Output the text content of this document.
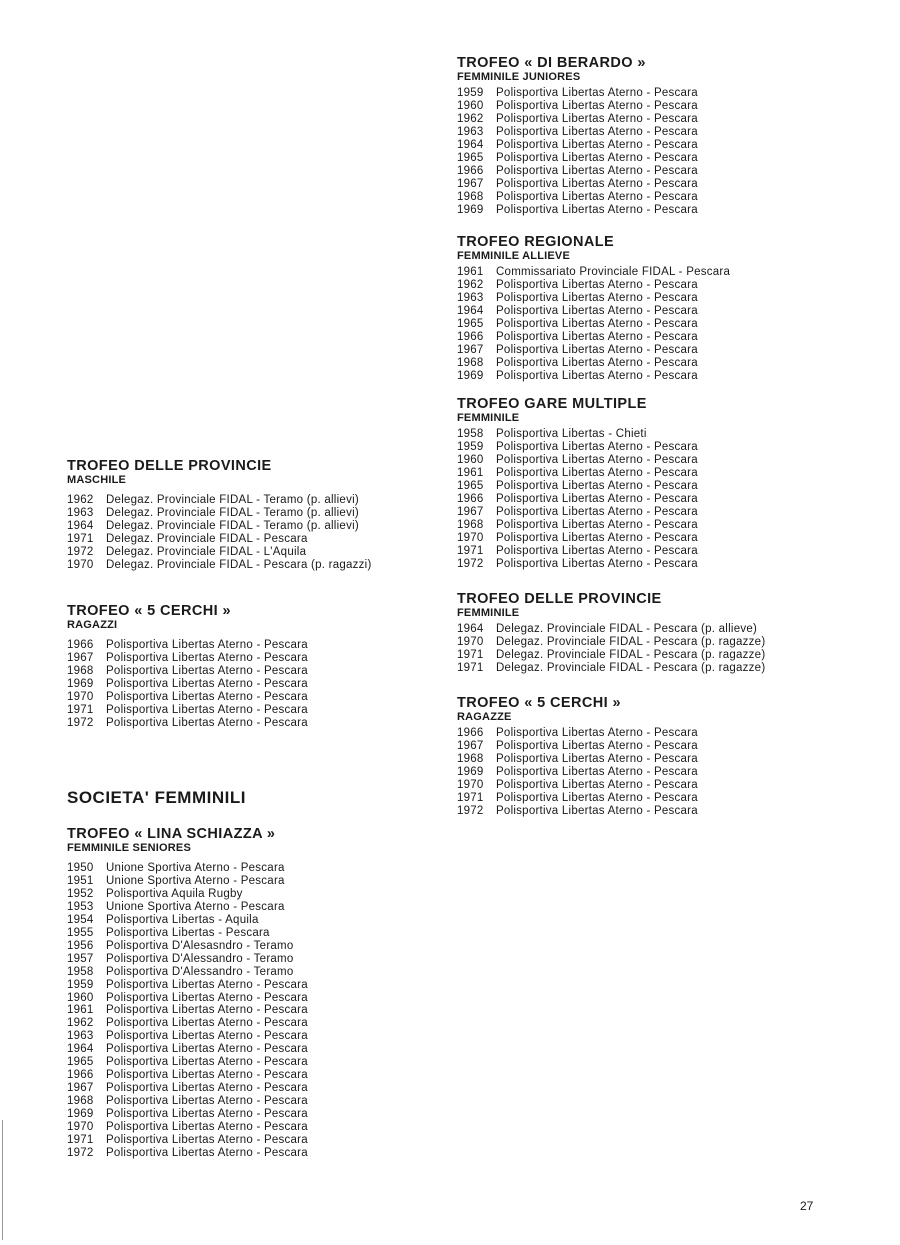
TROFEO « DI BERARDO »
FEMMINILE JUNIORES
1959	Polisportiva Libertas Aterno - Pescara
1960	Polisportiva Libertas Aterno - Pescara
1962	Polisportiva Libertas Aterno - Pescara
1963	Polisportiva Libertas Aterno - Pescara
1964	Polisportiva Libertas Aterno - Pescara
1965	Polisportiva Libertas Aterno - Pescara
1966	Polisportiva Libertas Aterno - Pescara
1967	Polisportiva Libertas Aterno - Pescara
1968	Polisportiva Libertas Aterno - Pescara
1969	Polisportiva Libertas Aterno - Pescara
TROFEO REGIONALE
FEMMINILE ALLIEVE
1961	Commissariato Provinciale FIDAL - Pescara
1962	Polisportiva Libertas Aterno - Pescara
1963	Polisportiva Libertas Aterno - Pescara
1964	Polisportiva Libertas Aterno - Pescara
1965	Polisportiva Libertas Aterno - Pescara
1966	Polisportiva Libertas Aterno - Pescara
1967	Polisportiva Libertas Aterno - Pescara
1968	Polisportiva Libertas Aterno - Pescara
1969	Polisportiva Libertas Aterno - Pescara
TROFEO GARE MULTIPLE
FEMMINILE
1958	Polisportiva Libertas - Chieti
1959	Polisportiva Libertas Aterno - Pescara
1960	Polisportiva Libertas Aterno - Pescara
1961	Polisportiva Libertas Aterno - Pescara
1965	Polisportiva Libertas Aterno - Pescara
1966	Polisportiva Libertas Aterno - Pescara
1967	Polisportiva Libertas Aterno - Pescara
1968	Polisportiva Libertas Aterno - Pescara
1970	Polisportiva Libertas Aterno - Pescara
1971	Polisportiva Libertas Aterno - Pescara
1972	Polisportiva Libertas Aterno - Pescara
TROFEO DELLE PROVINCIE
FEMMINILE
1964	Delegaz. Provinciale FIDAL - Pescara (p. allieve)
1970	Delegaz. Provinciale FIDAL - Pescara (p. ragazze)
1971	Delegaz. Provinciale FIDAL - Pescara (p. ragazze)
1971	Delegaz. Provinciale FIDAL - Pescara (p. ragazze)
TROFEO « 5 CERCHI »
RAGAZZE
1966	Polisportiva Libertas Aterno - Pescara
1967	Polisportiva Libertas Aterno - Pescara
1968	Polisportiva Libertas Aterno - Pescara
1969	Polisportiva Libertas Aterno - Pescara
1970	Polisportiva Libertas Aterno - Pescara
1971	Polisportiva Libertas Aterno - Pescara
1972	Polisportiva Libertas Aterno - Pescara
TROFEO DELLE PROVINCIE
MASCHILE
1962	Delegaz. Provinciale FIDAL - Teramo (p. allievi)
1963	Delegaz. Provinciale FIDAL - Teramo (p. allievi)
1964	Delegaz. Provinciale FIDAL - Teramo (p. allievi)
1971	Delegaz. Provinciale FIDAL - Pescara
1972	Delegaz. Provinciale FIDAL - L'Aquila
1970	Delegaz. Provinciale FIDAL - Pescara (p. ragazzi)
TROFEO « 5 CERCHI »
RAGAZZI
1966	Polisportiva Libertas Aterno - Pescara
1967	Polisportiva Libertas Aterno - Pescara
1968	Polisportiva Libertas Aterno - Pescara
1969	Polisportiva Libertas Aterno - Pescara
1970	Polisportiva Libertas Aterno - Pescara
1971	Polisportiva Libertas Aterno - Pescara
1972	Polisportiva Libertas Aterno - Pescara
SOCIETA' FEMMINILI
TROFEO « LINA SCHIAZZA »
FEMMINILE SENIORES
1950	Unione Sportiva Aterno - Pescara
1951	Unione Sportiva Aterno - Pescara
1952	Polisportiva Aquila Rugby
1953	Unione Sportiva Aterno - Pescara
1954	Polisportiva Libertas - Aquila
1955	Polisportiva Libertas - Pescara
1956	Polisportiva D'Alesasndro - Teramo
1957	Polisportiva D'Alessandro - Teramo
1958	Polisportiva D'Alessandro - Teramo
1959	Polisportiva Libertas Aterno - Pescara
1960	Polisportiva Libertas Aterno - Pescara
1961	Polisportiva Libertas Aterno - Pescara
1962	Polisportiva Libertas Aterno - Pescara
1963	Polisportiva Libertas Aterno - Pescara
1964	Polisportiva Libertas Aterno - Pescara
1965	Polisportiva Libertas Aterno - Pescara
1966	Polisportiva Libertas Aterno - Pescara
1967	Polisportiva Libertas Aterno - Pescara
1968	Polisportiva Libertas Aterno - Pescara
1969	Polisportiva Libertas Aterno - Pescara
1970	Polisportiva Libertas Aterno - Pescara
1971	Polisportiva Libertas Aterno - Pescara
1972	Polisportiva Libertas Aterno - Pescara
27
